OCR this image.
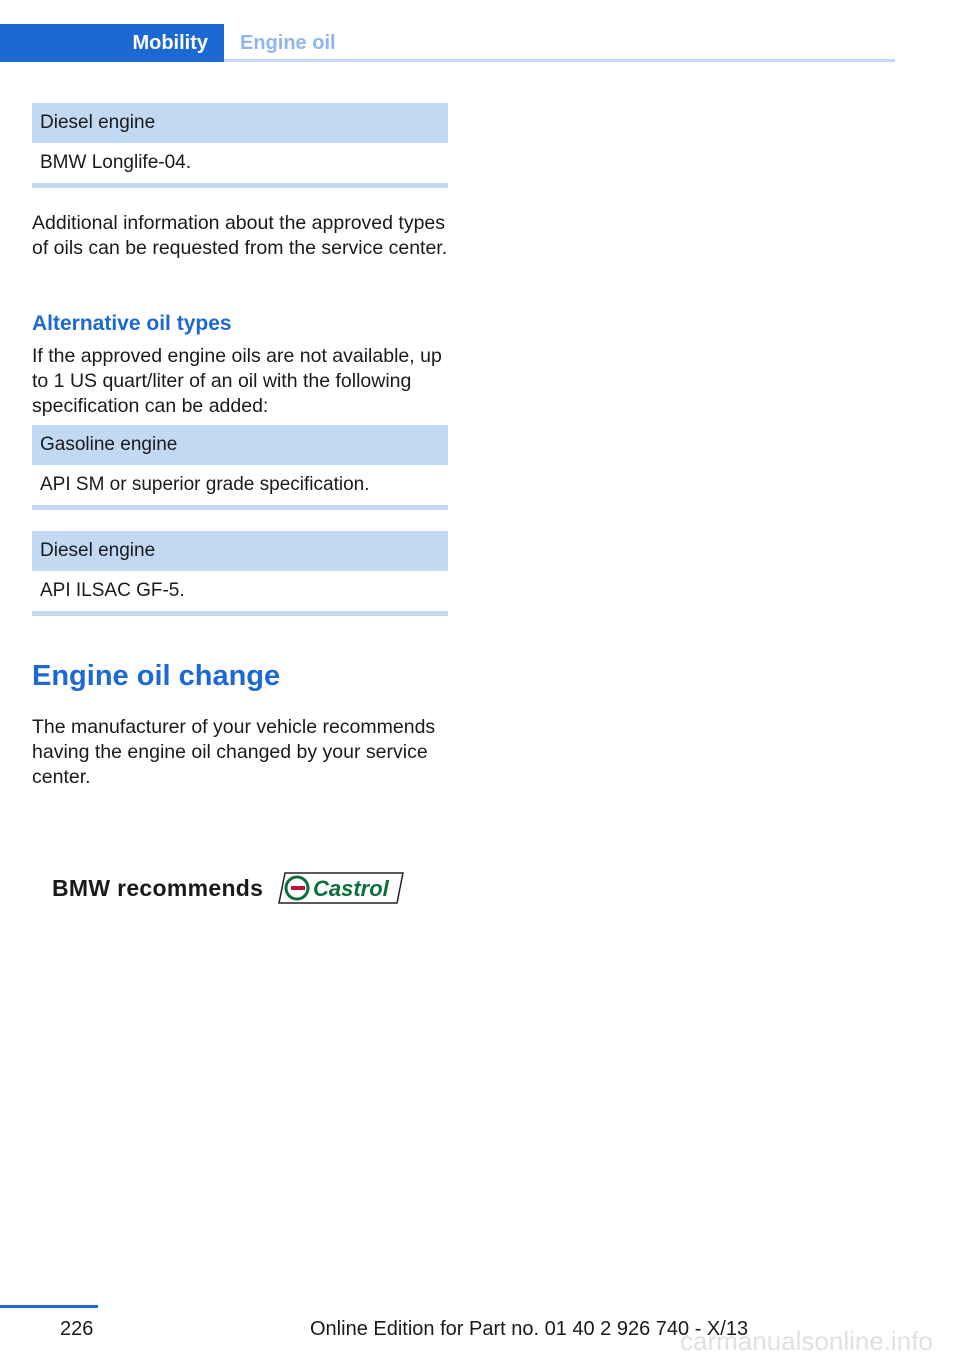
Mobility	Engine oil
Diesel engine
BMW Longlife-04.
Additional information about the approved types of oils can be requested from the service center.
Alternative oil types
If the approved engine oils are not available, up to 1 US quart/liter of an oil with the following specification can be added:
Gasoline engine
API SM or superior grade specification.
Diesel engine
API ILSAC GF-5.
Engine oil change
The manufacturer of your vehicle recommends having the engine oil changed by your service center.
BMW recommends Castrol
226	Online Edition for Part no. 01 40 2 926 740 - X/13
carmanualsonline.info
